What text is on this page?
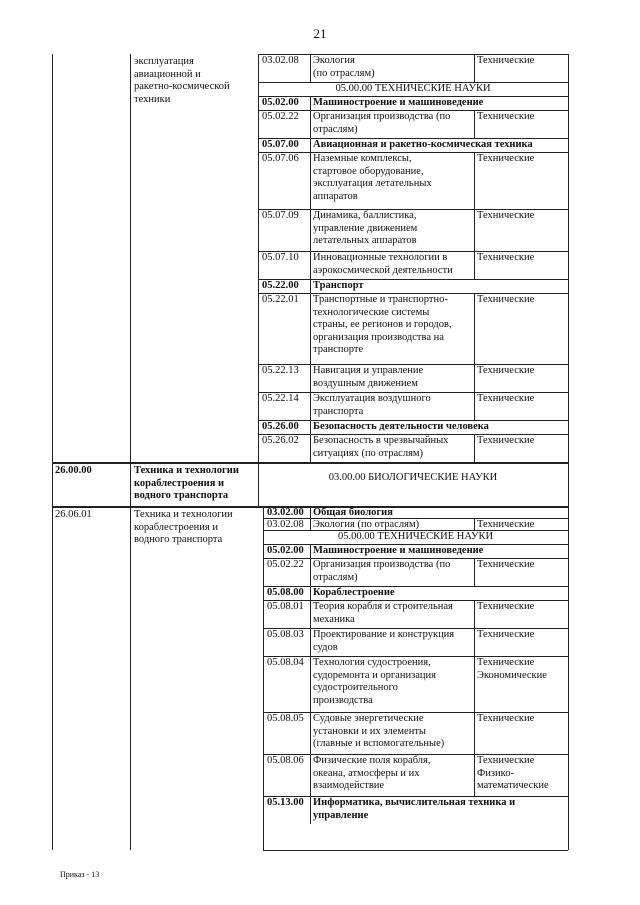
21
эксплуатация
авиационной и
ракетно-космической
техники
03.02.08 Экология
(по отраслям)
Технические
05.00.00 ТЕХНИЧЕСКИЕ НАУКИ
05.02.00 Машиностроение и машиноведение
05.02.22 Организация производства (по
отраслям)
Технические
05.07.00 Авиационная и ракетно-космическая техника
05.07.06 Наземные комплексы,
стартовое оборудование,
эксплуатация летательных
аппаратов
Технические
05.07.09 Динамика, баллистика,
управление движением
летательных аппаратов
Технические
05.07.10 Инновационные технологии в
аэрокосмической деятельности
Технические
05.22.00 Транспорт
05.22.01 Транспортные и транспортно-
технологические системы
страны, ее регионов и городов,
организация производства на
транспорте
Технические
05.22.13 Навигация и управление
воздушным движением
Технические
05.22.14 Эксплуатация воздушного
транспорта
Технические
05.26.00 Безопасность деятельности человека
05.26.02 Безопасность в чрезвычайных
ситуациях (по отраслям)
Технические
26.00.00	Техника и технологии
кораблестроения и
водного транспорта
03.00.00 БИОЛОГИЧЕСКИЕ НАУКИ
26.06.01	Техника и технологии
кораблестроения и
водного транспорта
03.02.00 Общая биология
03.02.08 Экология (по отраслям)	Технические
05.00.00 ТЕХНИЧЕСКИЕ НАУКИ
05.02.00 Машиностроение и машиноведение
05.02.22 Организация производства (по
отраслям)
Технические
05.08.00 Кораблестроение
05.08.01 Теория корабля и строительная
механика
Технические
05.08.03 Проектирование и конструкция
судов
Технические
05.08.04 Технология судостроения,
судоремонта и организация
судостроительного
производства
Технические
Экономические
05.08.05 Судовые энергетические
установки и их элементы
(главные и вспомогательные)
Технические
05.08.06 Физические поля корабля,
океана, атмосферы и их
взаимодействие
Технические
Физико-
математические
05.13.00 Информатика, вычислительная техника и
управление
Приказ - 13
